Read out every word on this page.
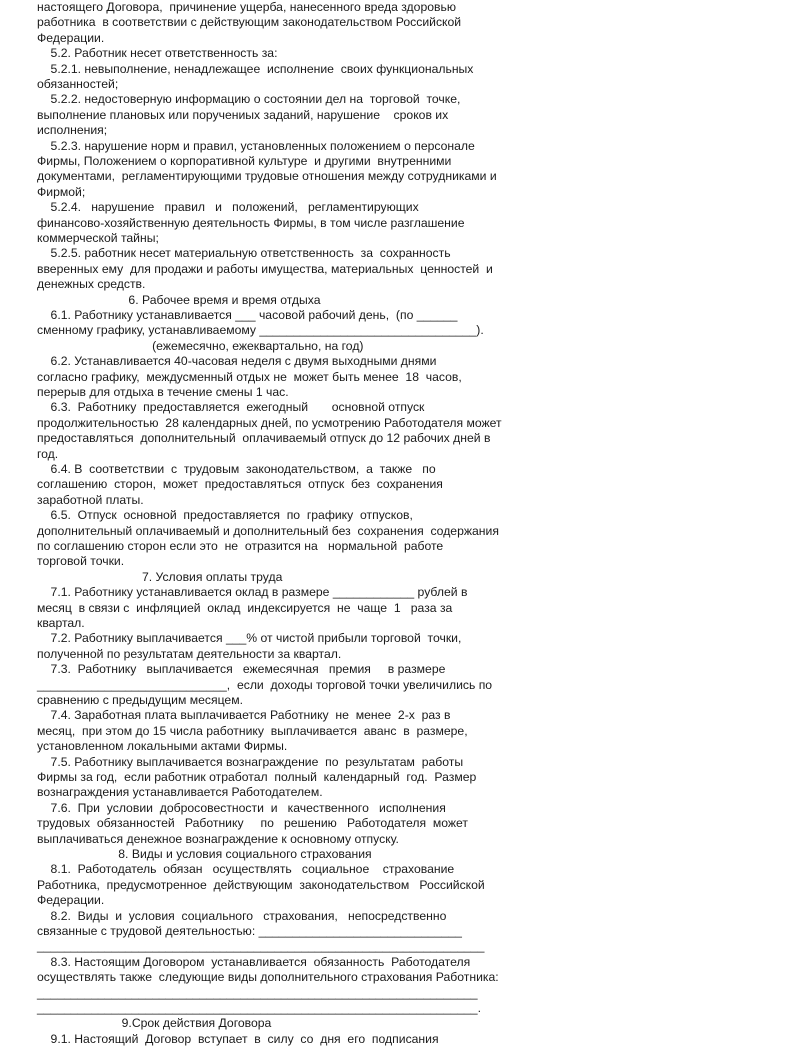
настоящего Договора,  причинение ущерба, нанесенного вреда здоровью
работника  в соответствии с действующим законодательством Российской
Федерации.
5.2. Работник несет ответственность за:
5.2.1. невыполнение, ненадлежащее  исполнение  своих функциональных
обязанностей;
5.2.2. недостоверную информацию о состоянии дел на  торговой  точке,
выполнение плановых или поручениых заданий, нарушение    сроков их
исполнения;
5.2.3. нарушение норм и правил, установленных положением о персонале
Фирмы, Положением о корпоративной культуре  и другими  внутренними
документами,  регламентирующими трудовые отношения между сотрудниками и
Фирмой;
5.2.4.   нарушение   правил   и   положений,   регламентирующих
финансово-хозяйственную деятельность Фирмы, в том числе разглашение
коммерческой тайны;
5.2.5. работник несет материальную ответственность  за  сохранность
вверенных ему  для продажи и работы имущества, материальных  ценностей  и
денежных средств.
6. Рабочее время и время отдыха
6.1. Работнику устанавливается ___ часовой рабочий день,  (по ______
сменному графику, устанавливаемому ________________________________).
(ежемесячно, ежеквартально, на год)
6.2. Устанавливается 40-часовая неделя с двумя выходными днями
согласно графику,  междусменный отдых не  может быть менее  18  часов,
перерыв для отдыха в течение смены 1 час.
6.3.  Работнику  предоставляется  ежегодный       основной отпуск
продолжительностью  28 календарных дней, по усмотрению Работодателя может
предоставляться  дополнительный  оплачиваемый отпуск до 12 рабочих дней в
год.
6.4. В  соответствии  с  трудовым  законодательством,  а  также   по
соглашению  сторон,  может  предоставляться  отпуск  без  сохранения
заработной платы.
6.5.  Отпуск  основной  предоставляется  по  графику  отпусков,
дополнительный оплачиваемый и дополнительный без  сохранения  содержания
по соглашению сторон если это  не  отразится на   нормальной  работе
торговой точки.
7. Условия оплаты труда
7.1. Работнику устанавливается оклад в размере ____________ рублей в
месяц  в связи с  инфляцией  оклад  индексируется  не  чаще  1   раза за
квартал.
7.2. Работнику выплачивается ___% от чистой прибыли торговой  точки,
полученной по результатам деятельности за квартал.
7.3.  Работнику   выплачивается   ежемесячная   премия     в размере
____________________________,  если  доходы торговой точки увеличились по
сравнению с предыдущим месяцем.
7.4. Заработная плата выплачивается Работнику  не  менее  2-х  раз в
месяц,  при этом до 15 числа работнику  выплачивается  аванс  в  размере,
установленном локальными актами Фирмы.
7.5. Работнику выплачивается вознаграждение  по  результатам  работы
Фирмы за год,  если работник отработал  полный  календарный  год.  Размер
вознаграждения устанавливается Работодателем.
7.6.  При  условии  добросовестности  и   качественного   исполнения
трудовых  обязанностей   Работнику     по   решению   Работодателя  может
выплачиваться денежное вознаграждение к основному отпуску.
8. Виды и условия социального страхования
8.1.  Работодатель  обязан   осуществлять   социальное    страхование
Работника,  предусмотренное  действующим  законодательством   Российской
Федерации.
8.2.  Виды  и  условия  социального   страхования,   непосредственно
связанные с трудовой деятельностью: ______________________________
__________________________________________________________________
8.3. Настоящим Договором  устанавливается  обязанность  Работодателя
осуществлять также  следующие виды дополнительного страхования Работника:
_________________________________________________________________
_________________________________________________________________.
9.Срок действия Договора
9.1. Настоящий  Договор  вступает  в  силу  со  дня  его  подписания
